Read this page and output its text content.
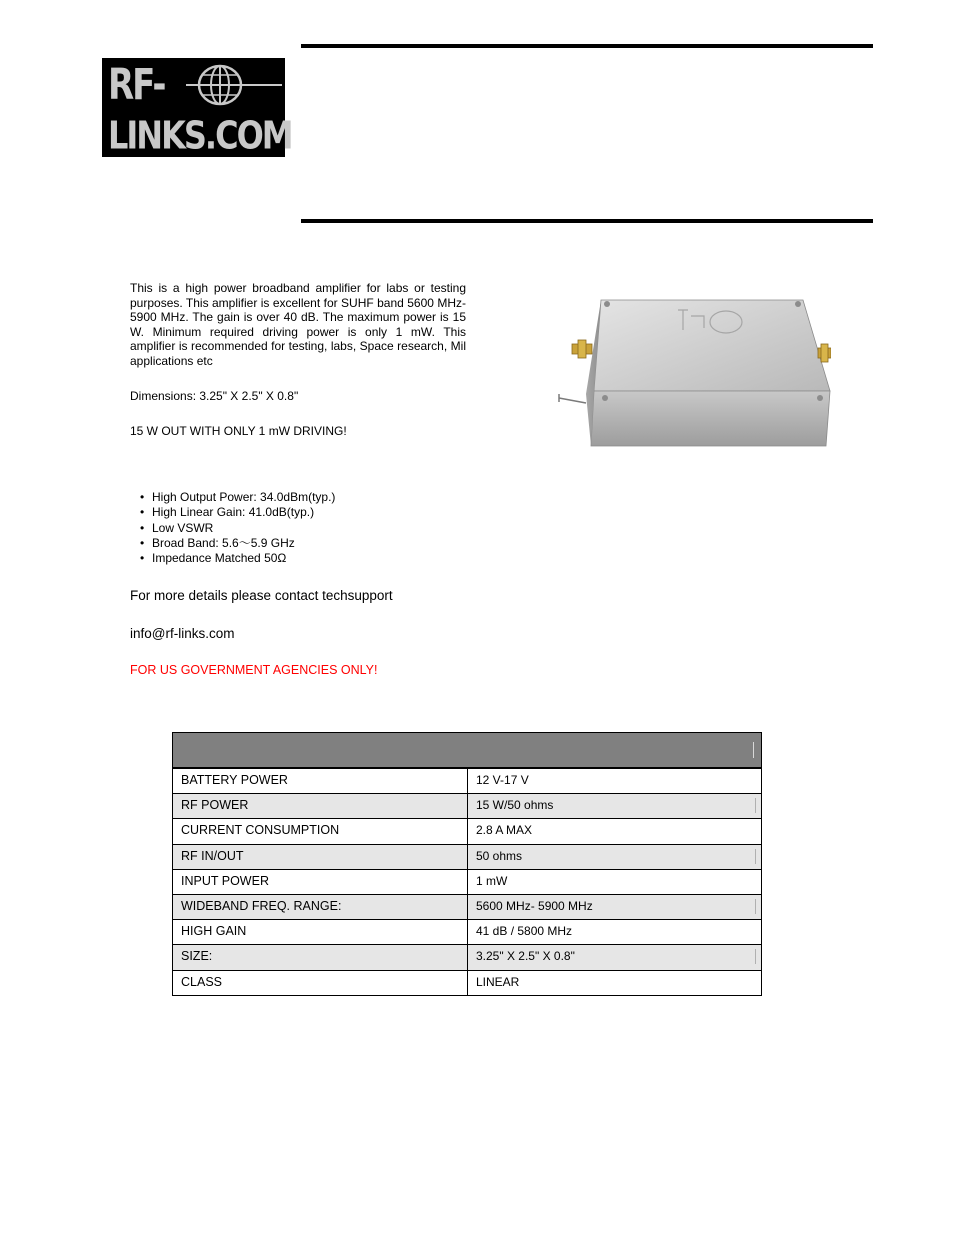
RF-
LINKS.COM
This is a high power broadband amplifier for labs or testing purposes. This amplifier is excellent for SUHF band 5600 MHz- 5900 MHz. The gain is over 40 dB. The maximum power is 15 W. Minimum required driving power is only 1 mW. This amplifier is recommended for testing, labs, Space research, Mil applications etc
Dimensions: 3.25" X 2.5" X 0.8"
15 W OUT WITH ONLY 1 mW DRIVING!
• High Output Power: 34.0dBm(typ.)
• High Linear Gain: 41.0dB(typ.)
• Low VSWR
• Broad Band: 5.6～5.9 GHz
• Impedance Matched 50Ω
For more details please contact techsupport
info@rf-links.com
FOR US GOVERNMENT AGENCIES ONLY!
BATTERY POWER	12 V-17 V
RF POWER	15 W/50 ohms
CURRENT CONSUMPTION	2.8 A MAX
RF IN/OUT	50 ohms
INPUT POWER	1 mW
WIDEBAND FREQ. RANGE:	5600 MHz- 5900 MHz
HIGH GAIN	41 dB / 5800 MHz
SIZE:	3.25" X 2.5" X 0.8"
CLASS	LINEAR
